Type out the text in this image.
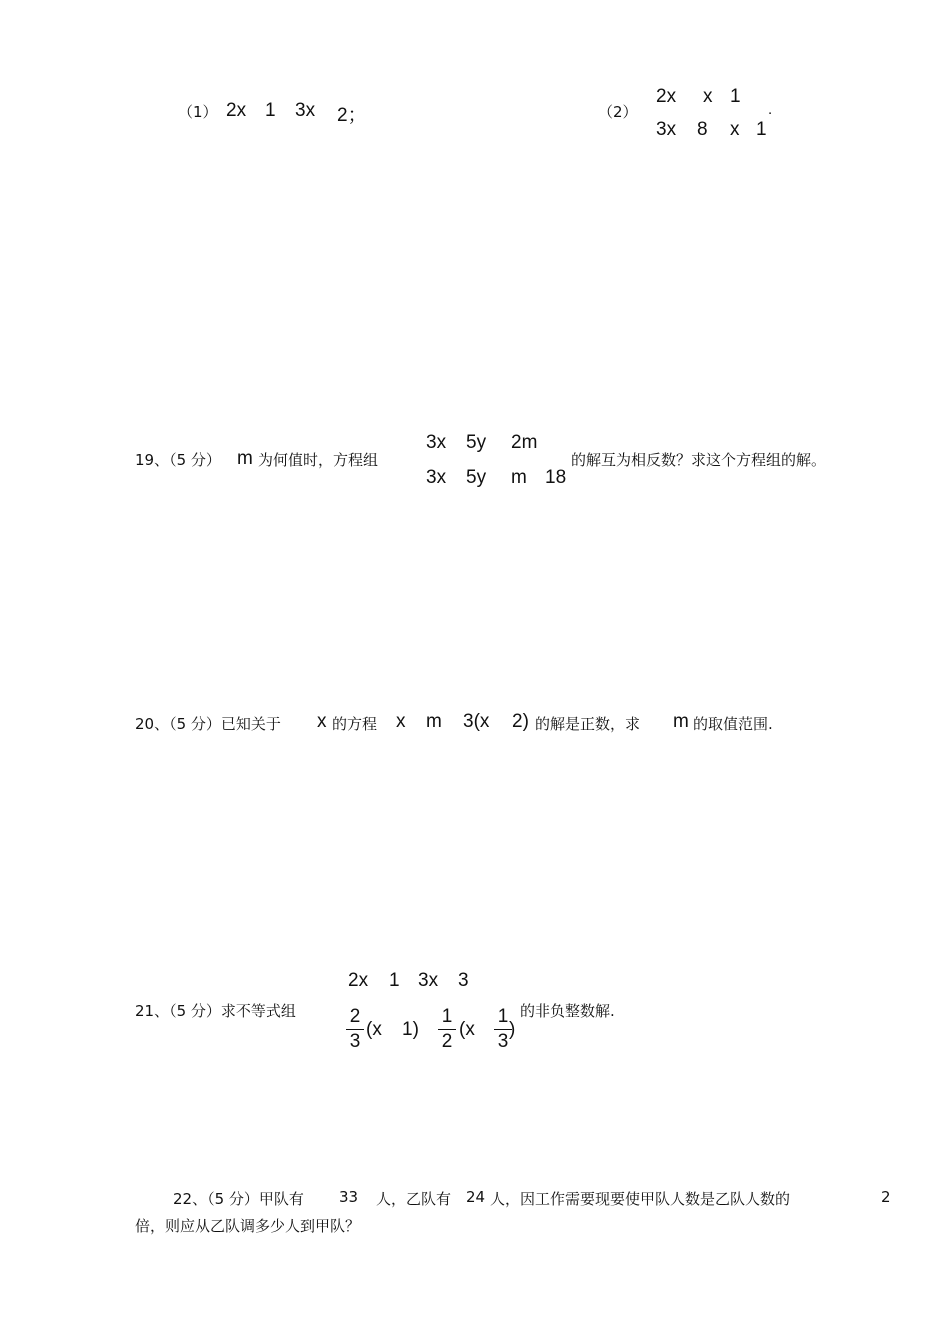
（1） 2x 1 3x 2；	（2）
2x x 1
3x 8 x 1
.
19、（5 分） m 为何值时，方程组
3x 5y 2m
3x 5y m 18
的解互为相反数？求这个方程组的解。
20、（5 分）已知关于 x 的方程 x m 3(x 2) 的解是正数，求 m 的取值范围.
21、（5 分）求不等式组
2x 1 3x 3
2
3
(x 1)
1
2
(x
1
3
)
的非负整数解.
22、（5 分）甲队有 33 人，乙队有 24 人，因工作需要现要使甲队人数是乙队人数的	2
倍，则应从乙队调多少人到甲队？
